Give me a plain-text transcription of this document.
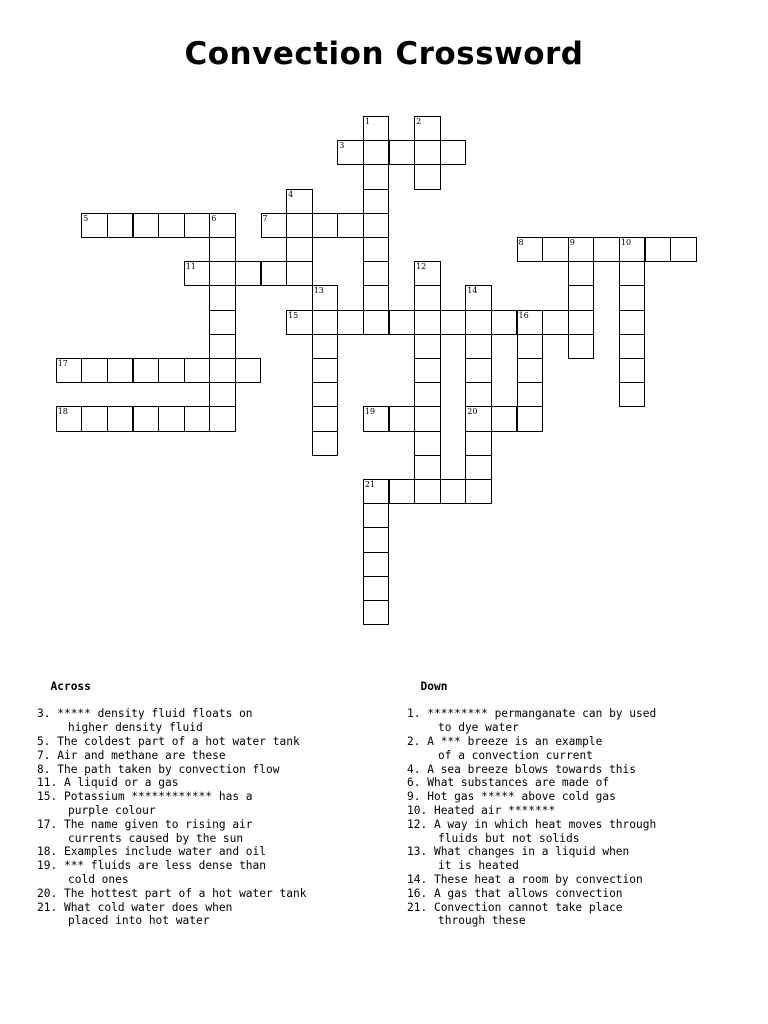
Convection Crossword
1	2
3
4
5	6	7
8	9	10
11	12
13	14
20
15	16
17
18	19
21

Across

3. ***** density fluid floats on
higher density fluid
5. The coldest part of a hot water tank
7. Air and methane are these
8. The path taken by convection flow
11. A liquid or a gas
15. Potassium ************ has a
purple colour
17. The name given to rising air
currents caused by the sun
18. Examples include water and oil
19. *** fluids are less dense than
cold ones
20. The hottest part of a hot water tank
21. What cold water does when
placed into hot water

Down

1. ********* permanganate can by used
to dye water
2. A *** breeze is an example
of a convection current
4. A sea breeze blows towards this
6. What substances are made of
9. Hot gas ***** above cold gas
10. Heated air *******
12. A way in which heat moves through
fluids but not solids
13. What changes in a liquid when
it is heated
14. These heat a room by convection
16. A gas that allows convection
21. Convection cannot take place
through these
